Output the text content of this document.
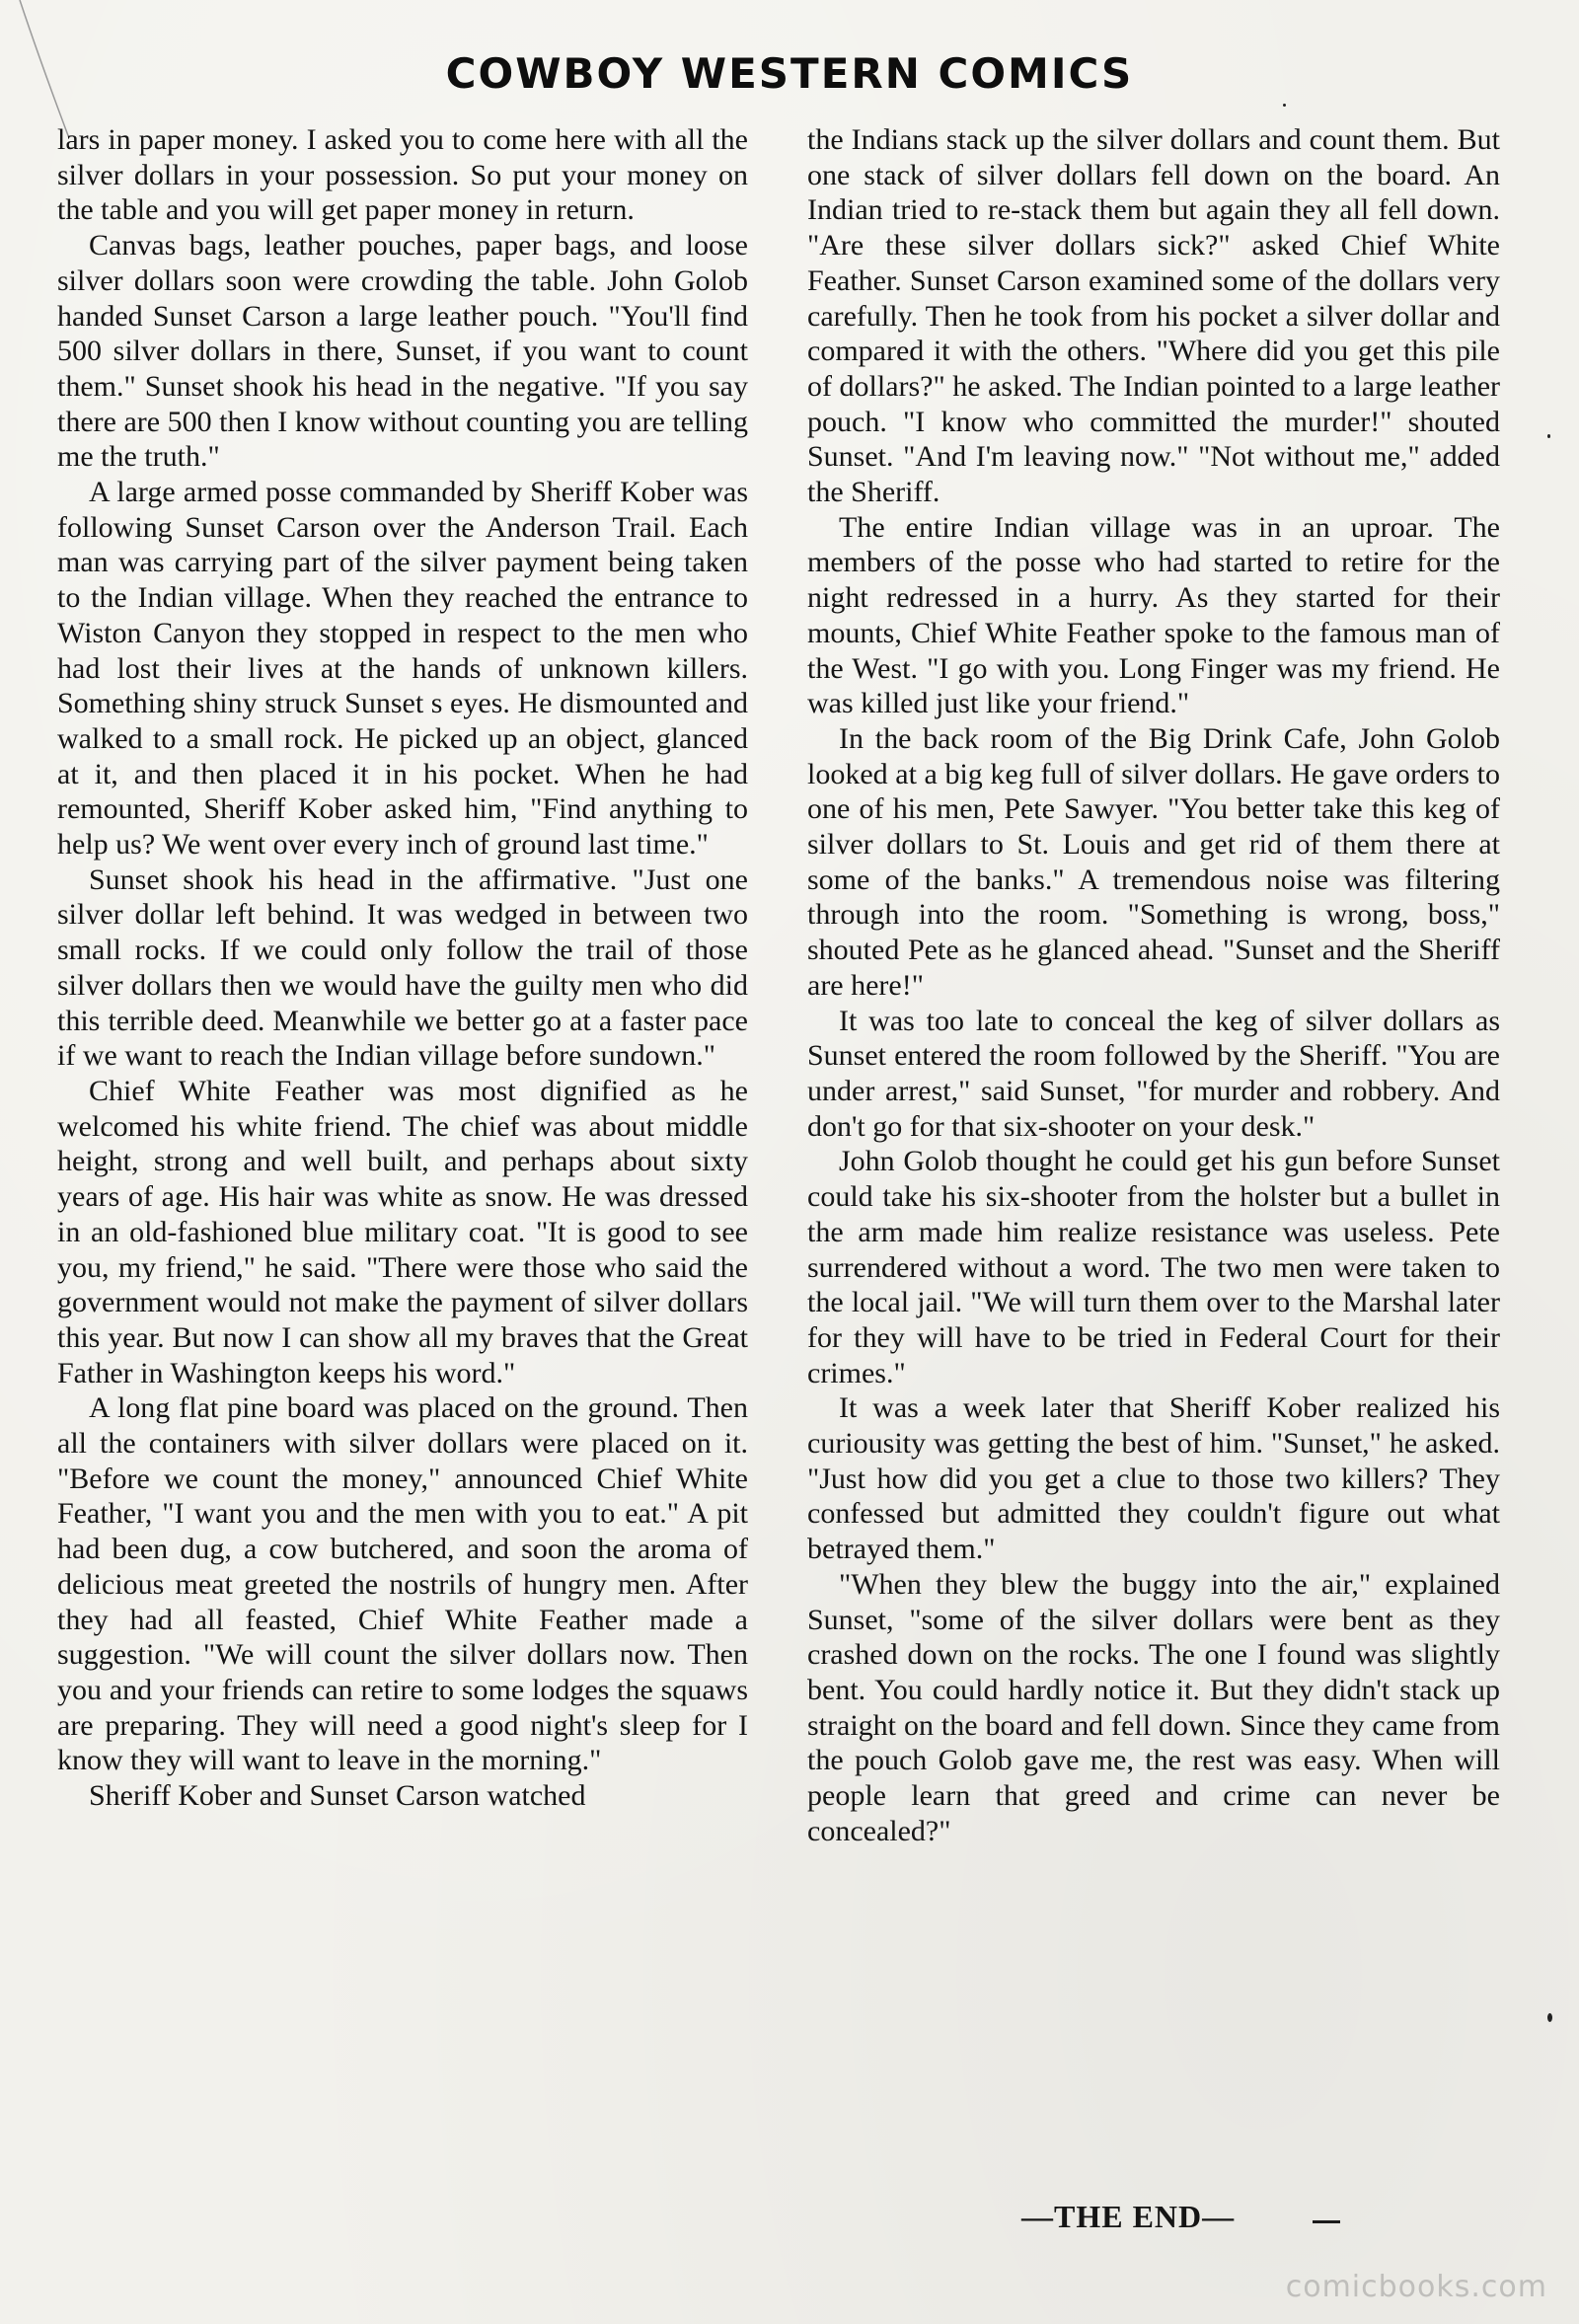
COWBOY WESTERN COMICS

lars in paper money. I asked you to come here with all the silver dollars in your possession. So put your money on the table and you will get paper money in return.

Canvas bags, leather pouches, paper bags, and loose silver dollars soon were crowding the table. John Golob handed Sunset Carson a large leather pouch. "You'll find 500 silver dollars in there, Sunset, if you want to count them." Sunset shook his head in the negative. "If you say there are 500 then I know without counting you are telling me the truth."

A large armed posse commanded by Sheriff Kober was following Sunset Carson over the Anderson Trail. Each man was carrying part of the silver payment being taken to the Indian village. When they reached the entrance to Wiston Canyon they stopped in respect to the men who had lost their lives at the hands of unknown killers. Something shiny struck Sunset s eyes. He dismounted and walked to a small rock. He picked up an object, glanced at it, and then placed it in his pocket. When he had remounted, Sheriff Kober asked him, "Find anything to help us? We went over every inch of ground last time."

Sunset shook his head in the affirmative. "Just one silver dollar left behind. It was wedged in between two small rocks. If we could only follow the trail of those silver dollars then we would have the guilty men who did this terrible deed. Meanwhile we better go at a faster pace if we want to reach the Indian village before sundown."

Chief White Feather was most dignified as he welcomed his white friend. The chief was about middle height, strong and well built, and perhaps about sixty years of age. His hair was white as snow. He was dressed in an old-fashioned blue military coat. "It is good to see you, my friend," he said. "There were those who said the government would not make the payment of silver dollars this year. But now I can show all my braves that the Great Father in Washington keeps his word."

A long flat pine board was placed on the ground. Then all the containers with silver dollars were placed on it. "Before we count the money," announced Chief White Feather, "I want you and the men with you to eat." A pit had been dug, a cow butchered, and soon the aroma of delicious meat greeted the nostrils of hungry men. After they had all feasted, Chief White Feather made a suggestion. "We will count the silver dollars now. Then you and your friends can retire to some lodges the squaws are preparing. They will need a good night's sleep for I know they will want to leave in the morning."

Sheriff Kober and Sunset Carson watched

the Indians stack up the silver dollars and count them. But one stack of silver dollars fell down on the board. An Indian tried to re-stack them but again they all fell down. "Are these silver dollars sick?" asked Chief White Feather. Sunset Carson examined some of the dollars very carefully. Then he took from his pocket a silver dollar and compared it with the others. "Where did you get this pile of dollars?" he asked. The Indian pointed to a large leather pouch. "I know who committed the murder!" shouted Sunset. "And I'm leaving now." "Not without me," added the Sheriff.

The entire Indian village was in an uproar. The members of the posse who had started to retire for the night redressed in a hurry. As they started for their mounts, Chief White Feather spoke to the famous man of the West. "I go with you. Long Finger was my friend. He was killed just like your friend."

In the back room of the Big Drink Cafe, John Golob looked at a big keg full of silver dollars. He gave orders to one of his men, Pete Sawyer. "You better take this keg of silver dollars to St. Louis and get rid of them there at some of the banks." A tremendous noise was filtering through into the room. "Something is wrong, boss," shouted Pete as he glanced ahead. "Sunset and the Sheriff are here!"

It was too late to conceal the keg of silver dollars as Sunset entered the room followed by the Sheriff. "You are under arrest," said Sunset, "for murder and robbery. And don't go for that six-shooter on your desk."

John Golob thought he could get his gun before Sunset could take his six-shooter from the holster but a bullet in the arm made him realize resistance was useless. Pete surrendered without a word. The two men were taken to the local jail. "We will turn them over to the Marshal later for they will have to be tried in Federal Court for their crimes."

It was a week later that Sheriff Kober realized his curiousity was getting the best of him. "Sunset," he asked. "Just how did you get a clue to those two killers? They confessed but admitted they couldn't figure out what betrayed them."

"When they blew the buggy into the air," explained Sunset, "some of the silver dollars were bent as they crashed down on the rocks. The one I found was slightly bent. You could hardly notice it. But they didn't stack up straight on the board and fell down. Since they came from the pouch Golob gave me, the rest was easy. When will people learn that greed and crime can never be concealed?"

—THE END—
comicbooks.com
